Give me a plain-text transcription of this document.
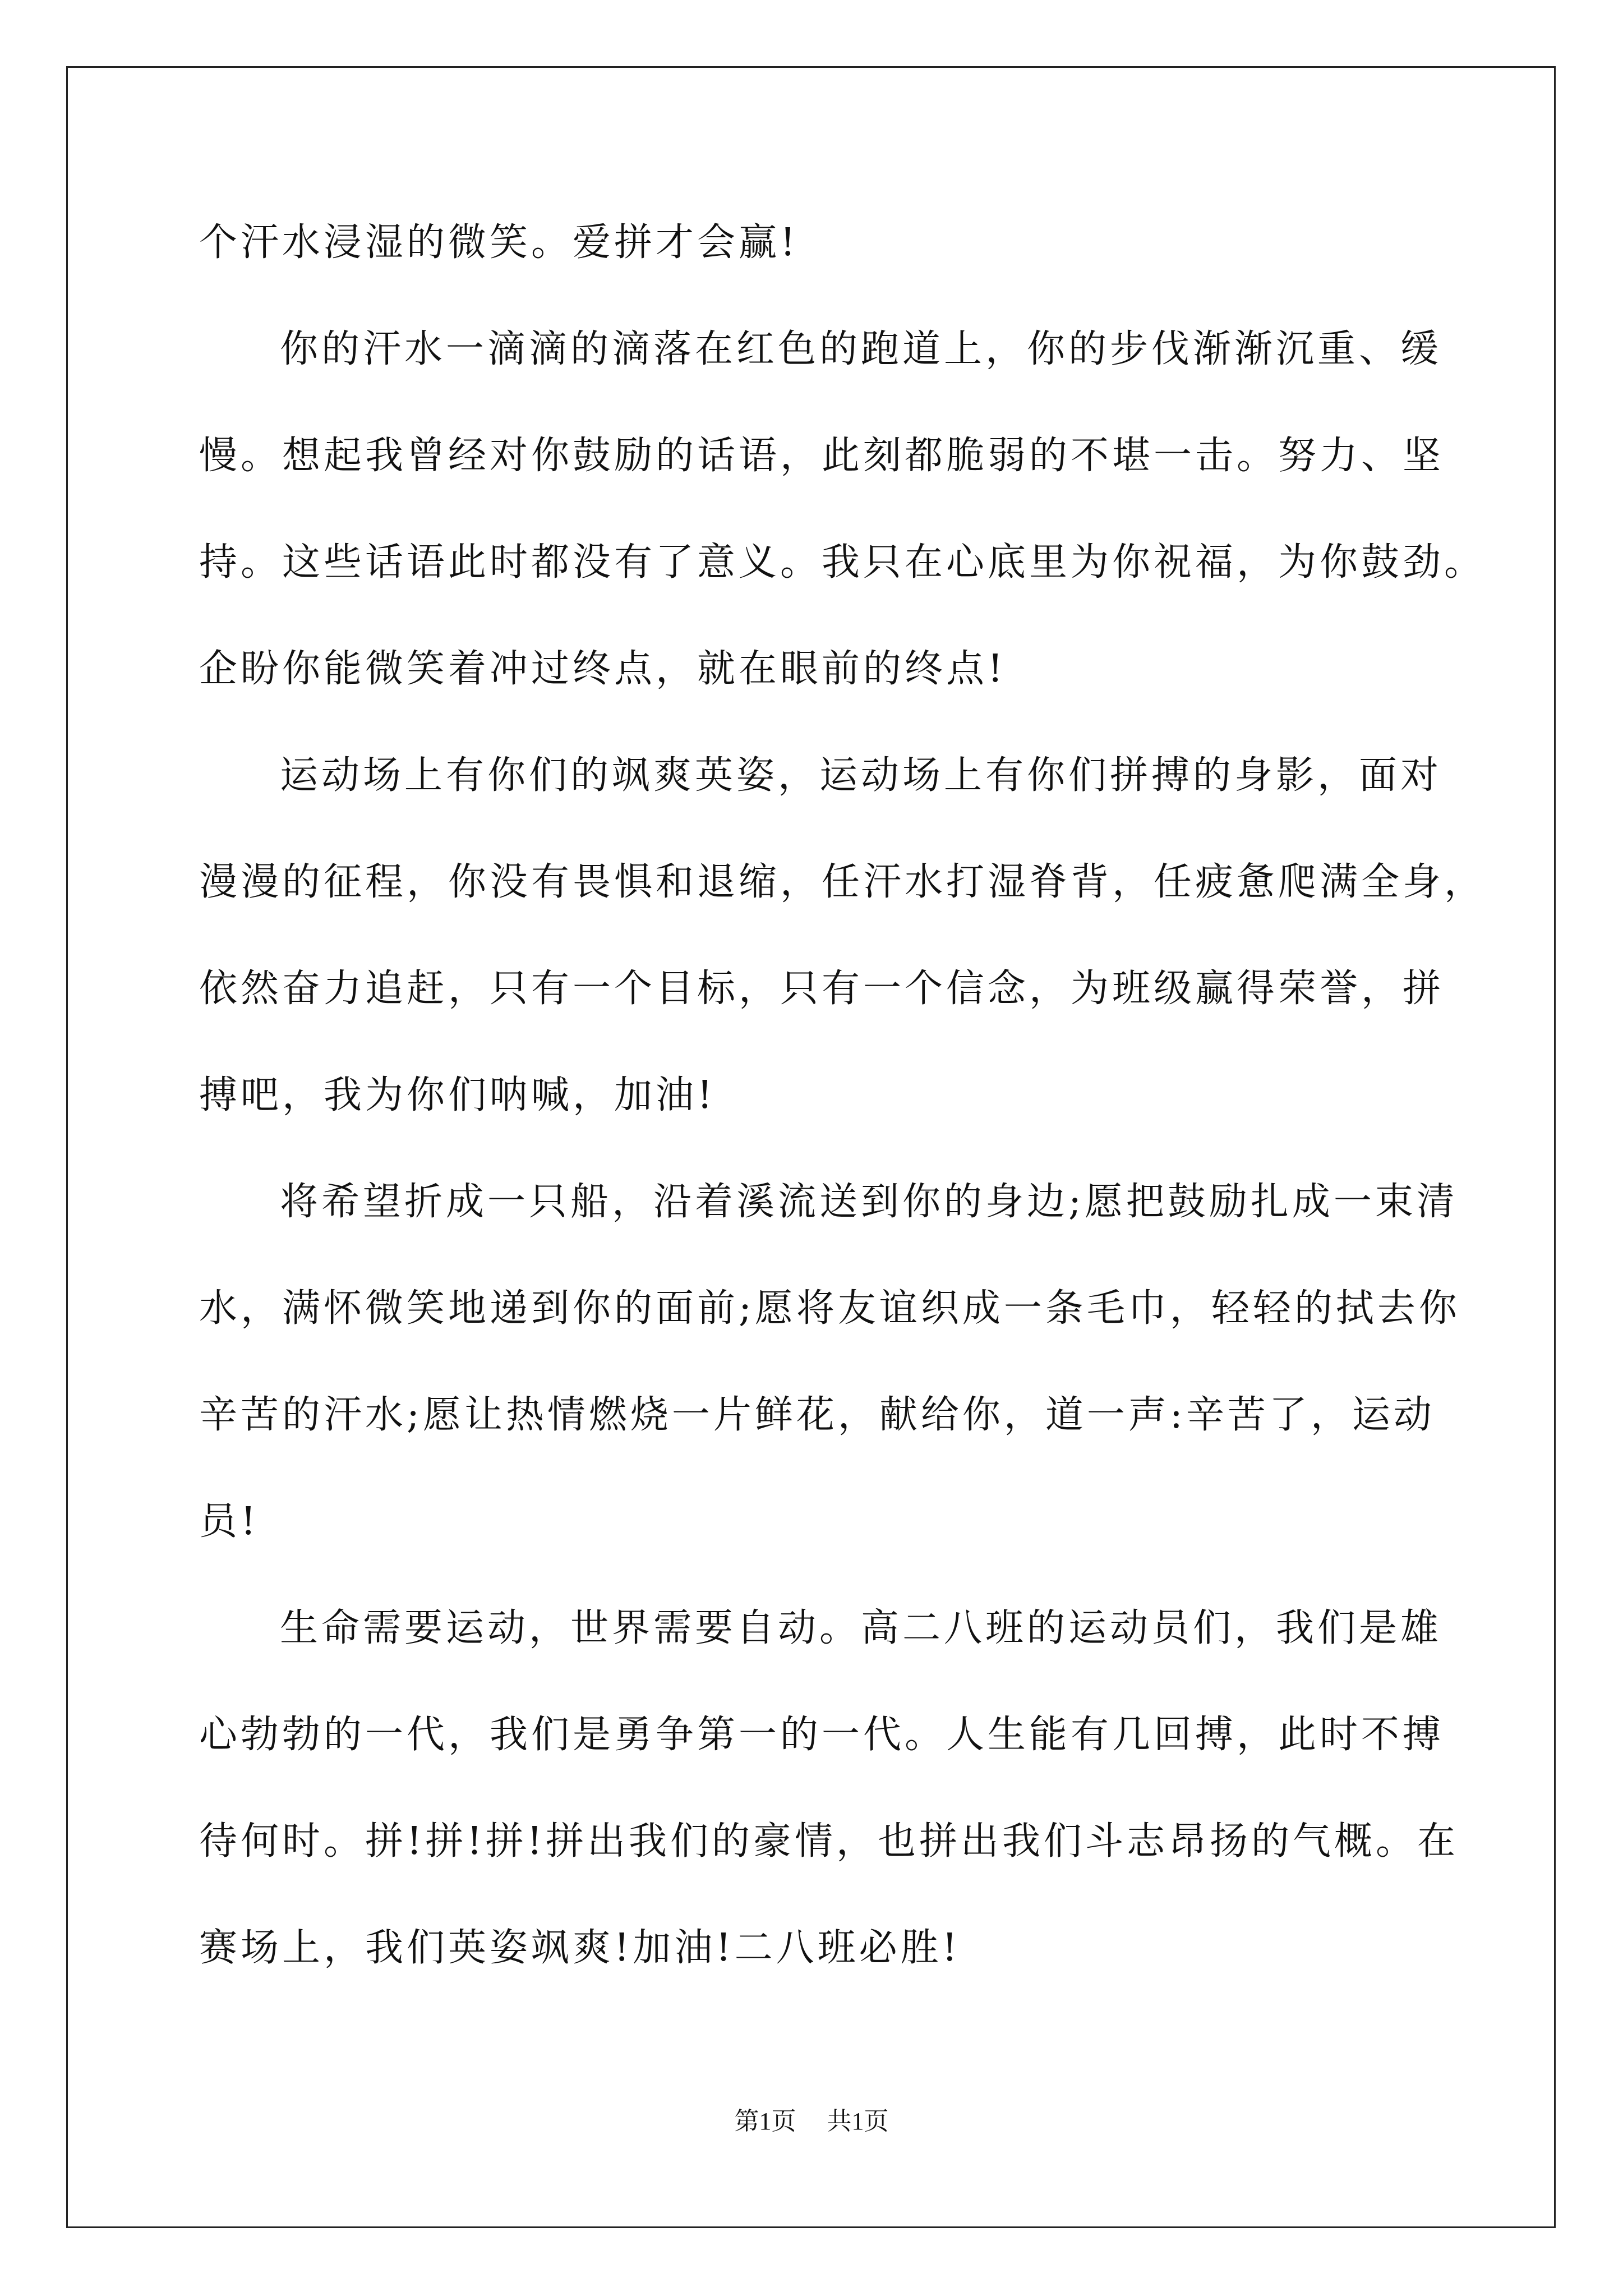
个汗水浸湿的微笑。爱拼才会赢!
你的汗水一滴滴的滴落在红色的跑道上，你的步伐渐渐沉重、缓
慢。想起我曾经对你鼓励的话语，此刻都脆弱的不堪一击。努力、坚
持。这些话语此时都没有了意义。我只在心底里为你祝福，为你鼓劲。
企盼你能微笑着冲过终点，就在眼前的终点!
运动场上有你们的飒爽英姿，运动场上有你们拼搏的身影，面对
漫漫的征程，你没有畏惧和退缩，任汗水打湿脊背，任疲惫爬满全身，
依然奋力追赶，只有一个目标，只有一个信念，为班级赢得荣誉，拼
搏吧，我为你们呐喊，加油!
将希望折成一只船，沿着溪流送到你的身边;愿把鼓励扎成一束清
水，满怀微笑地递到你的面前;愿将友谊织成一条毛巾，轻轻的拭去你
辛苦的汗水;愿让热情燃烧一片鲜花，献给你，道一声:辛苦了，运动
员!
生命需要运动，世界需要自动。高二八班的运动员们，我们是雄
心勃勃的一代，我们是勇争第一的一代。人生能有几回搏，此时不搏
待何时。拼!拼!拼!拼出我们的豪情，也拼出我们斗志昂扬的气概。在
赛场上，我们英姿飒爽!加油!二八班必胜!
第1页 共1页
